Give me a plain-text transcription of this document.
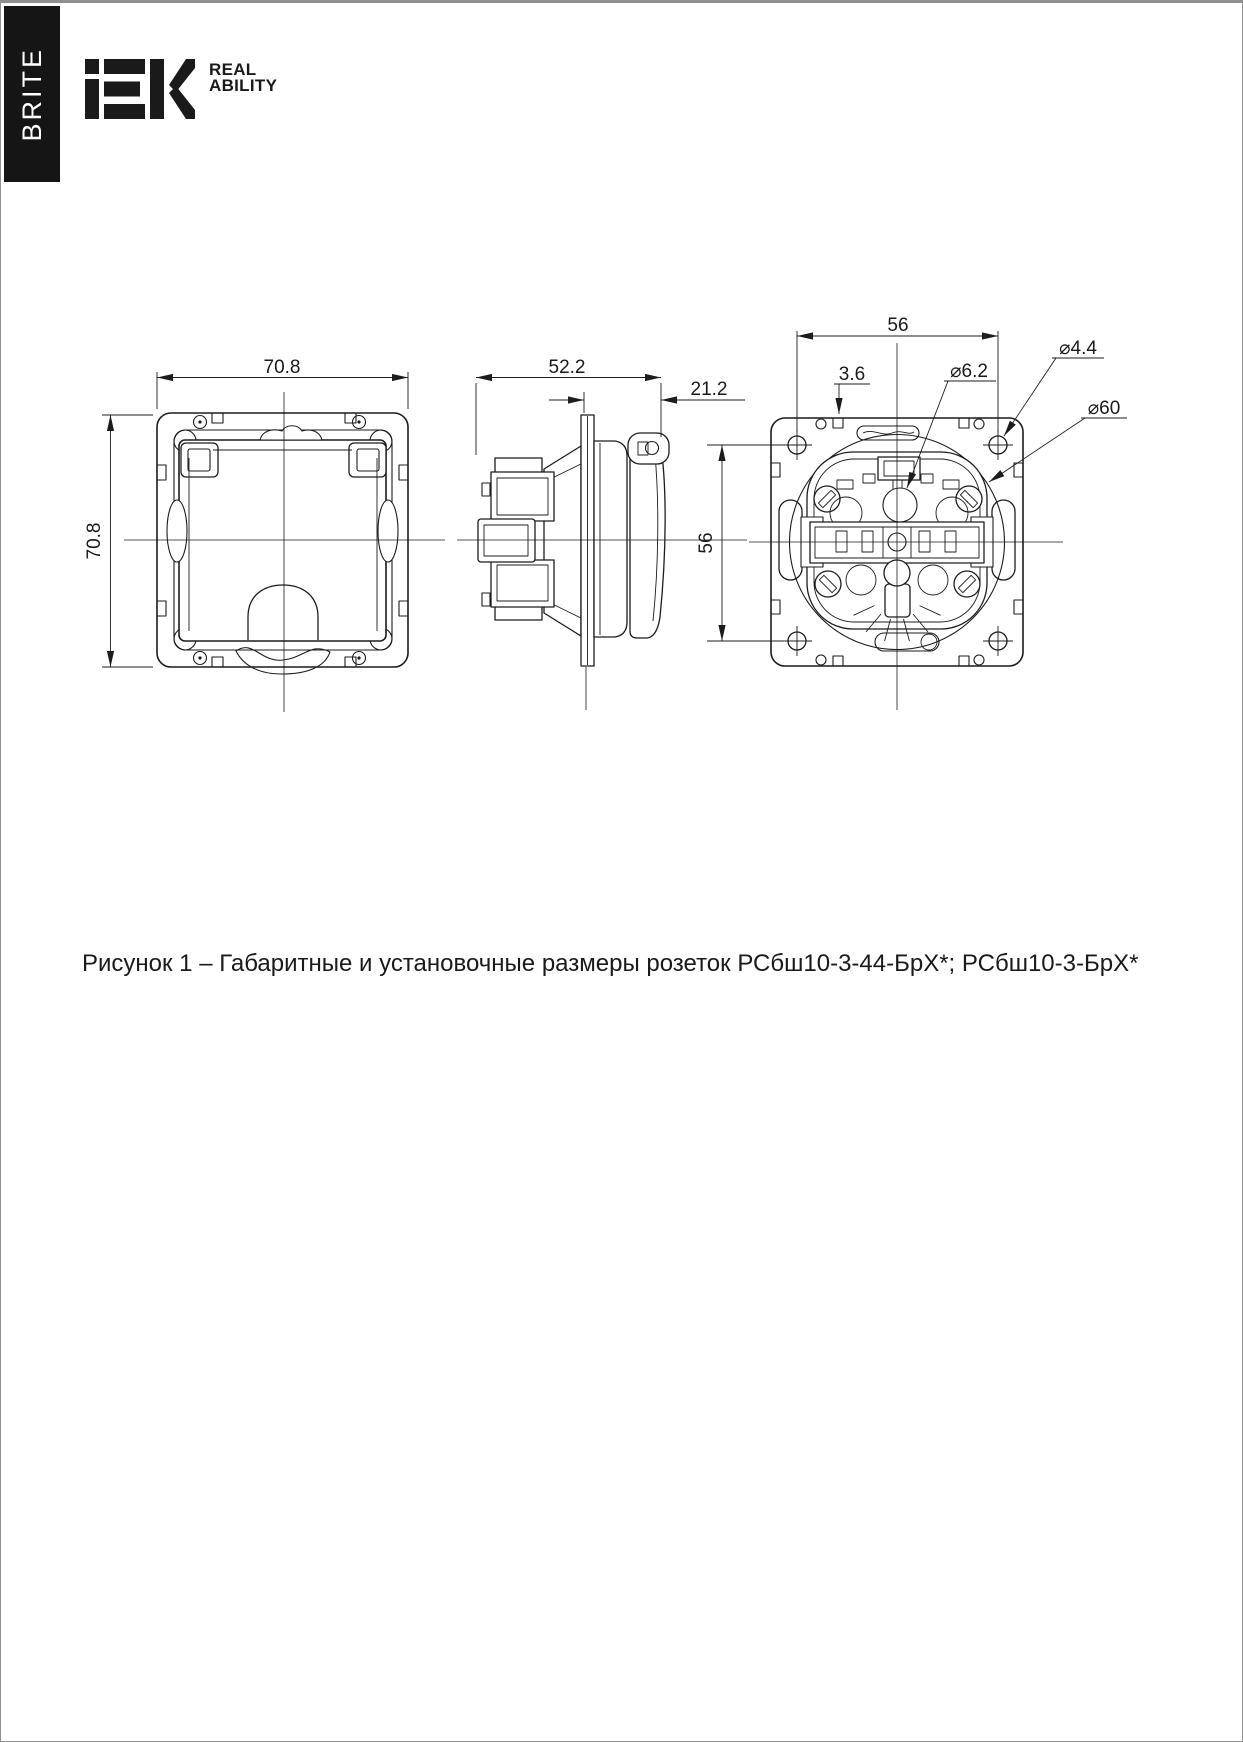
BRITE	REAL
ABILITY
70.8
70.8
52.2
21.2
56
56
3.6	⌀6.2
⌀4.4
⌀60
Рисунок 1 – Габаритные и установочные размеры розеток РСбш10-3-44-БрХ*; РСбш10-3-БрХ*
